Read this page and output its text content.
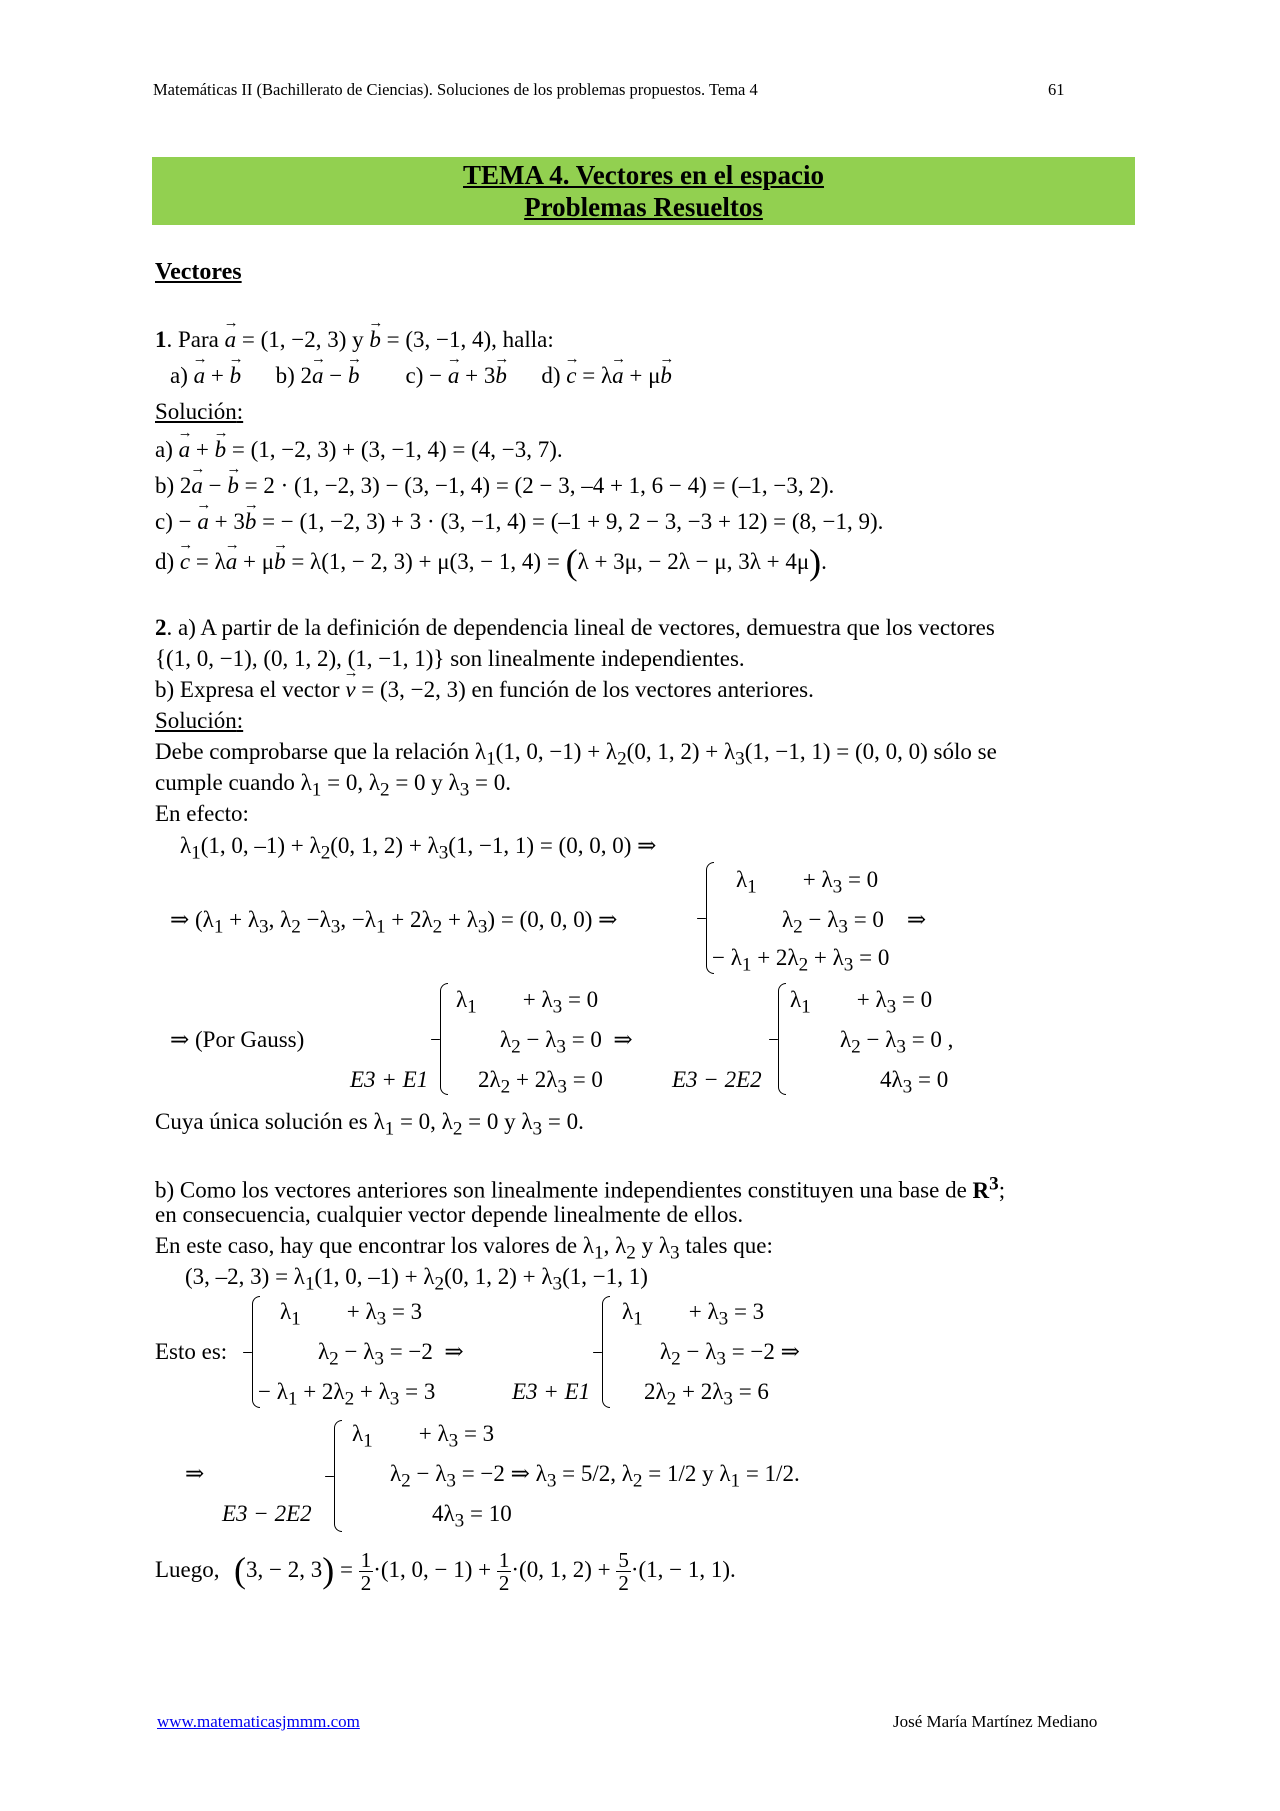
Matemáticas II (Bachillerato de Ciencias). Soluciones de los problemas propuestos. Tema 4	61
TEMA 4. Vectores en el espacio
Problemas Resueltos
Vectores
1. Para → a = (1, −2, 3) y → b = (3, −1, 4), halla:
a) → a + → b      b) 2→ a − → b        c) − → a + 3→ b      d) → c = λ→ a + μ→ b
Solución:
a) → a + → b = (1, −2, 3) + (3, −1, 4) = (4, −3, 7).
b) 2→ a − → b = 2 · (1, −2, 3) − (3, −1, 4) = (2 − 3, –4 + 1, 6 − 4) = (–1, −3, 2).
c) − → a + 3→ b = − (1, −2, 3) + 3 · (3, −1, 4) = (–1 + 9, 2 − 3, −3 + 12) = (8, −1, 9).
d) → c = λ→ a + μ→ b = λ(1, − 2, 3) + μ(3, − 1, 4) = (λ + 3μ, − 2λ − μ, 3λ + 4μ).
2. a) A partir de la definición de dependencia lineal de vectores, demuestra que los vectores
{(1, 0, −1), (0, 1, 2), (1, −1, 1)} son linealmente independientes.
b) Expresa el vector → v = (3, −2, 3) en función de los vectores anteriores.
Solución:
Debe comprobarse que la relación $\lambda_1(1$, 0, $-1) + \lambda_2(0$, 1, $2) + \lambda_3(1$, −1, 1) = (0, 0, 0) sólo se
cumple cuando $\lambda_1 = 0$, $\lambda_2 = 0$ y $\lambda_3 = 0$.
En efecto:
$\lambda_1(1$, 0, $-1) + \lambda_2(0$, 1, $2) + \lambda_3(1$, −1, 1) = (0, 0, 0) ⇒
⇒ ($\lambda_1 + \lambda_3$, $\lambda_2 -\lambda_3$, $-\lambda_1 + 2\lambda_2 + \lambda_3) = (0$, 0, 0) ⇒
$\lambda_1$        + $\lambda_3 = 0$
$\lambda_2 - \lambda_3 = 0$    ⇒
− $\lambda_1 + 2\lambda_2 + \lambda_3 = 0$
⇒ (Por Gauss)
E3 + E1
$\lambda_1$        + $\lambda_3 = 0$
$\lambda_2 - \lambda_3 = 0$  ⇒
$2\lambda_2 + 2\lambda_3 = 0$	E3 − 2E2
$\lambda_1$        + $\lambda_3 = 0$
$\lambda_2 - \lambda_3 = 0$ ,
$4\lambda_3 = 0$
Cuya única solución es $\lambda_1 = 0$, $\lambda_2 = 0$ y $\lambda_3 = 0$.
b) Como los vectores anteriores son linealmente independientes constituyen una base de $R^3$;
en consecuencia, cualquier vector depende linealmente de ellos.
En este caso, hay que encontrar los valores de $\lambda_1$, $\lambda_2$ y $\lambda_3$ tales que:
(3, –2, $3) = \lambda_1(1$, 0, $-1) + \lambda_2(0$, 1, $2) + \lambda_3(1$, −1, 1)
Esto es:
$\lambda_1$        + $\lambda_3 = 3$
$\lambda_2 - \lambda_3 = -2$  ⇒
− $\lambda_1 + 2\lambda_2 + \lambda_3 = 3$	E3 + E1
$\lambda_1$        + $\lambda_3 = 3$
$\lambda_2 - \lambda_3 = -2$ ⇒
$2\lambda_2 + 2\lambda_3 = 6$
⇒
E3 − 2E2
$\lambda_1$        + $\lambda_3 = 3$
$\lambda_2 - \lambda_3 = -2$ ⇒ $\lambda_3 = 5/2$, $\lambda_2 = 1/2$ y $\lambda_1 = 1/2$.
$4\lambda_3 = 10$
Luego, (3, − 2, $3) = \frac{1}{2} \cdot(1$, 0, − $1) + \frac{1}{2} \cdot(0$, 1, $2) + \frac{5}{2} \cdot(1$, − 1, 1).
www.matematicasjmmm.com	José María Martínez Mediano
